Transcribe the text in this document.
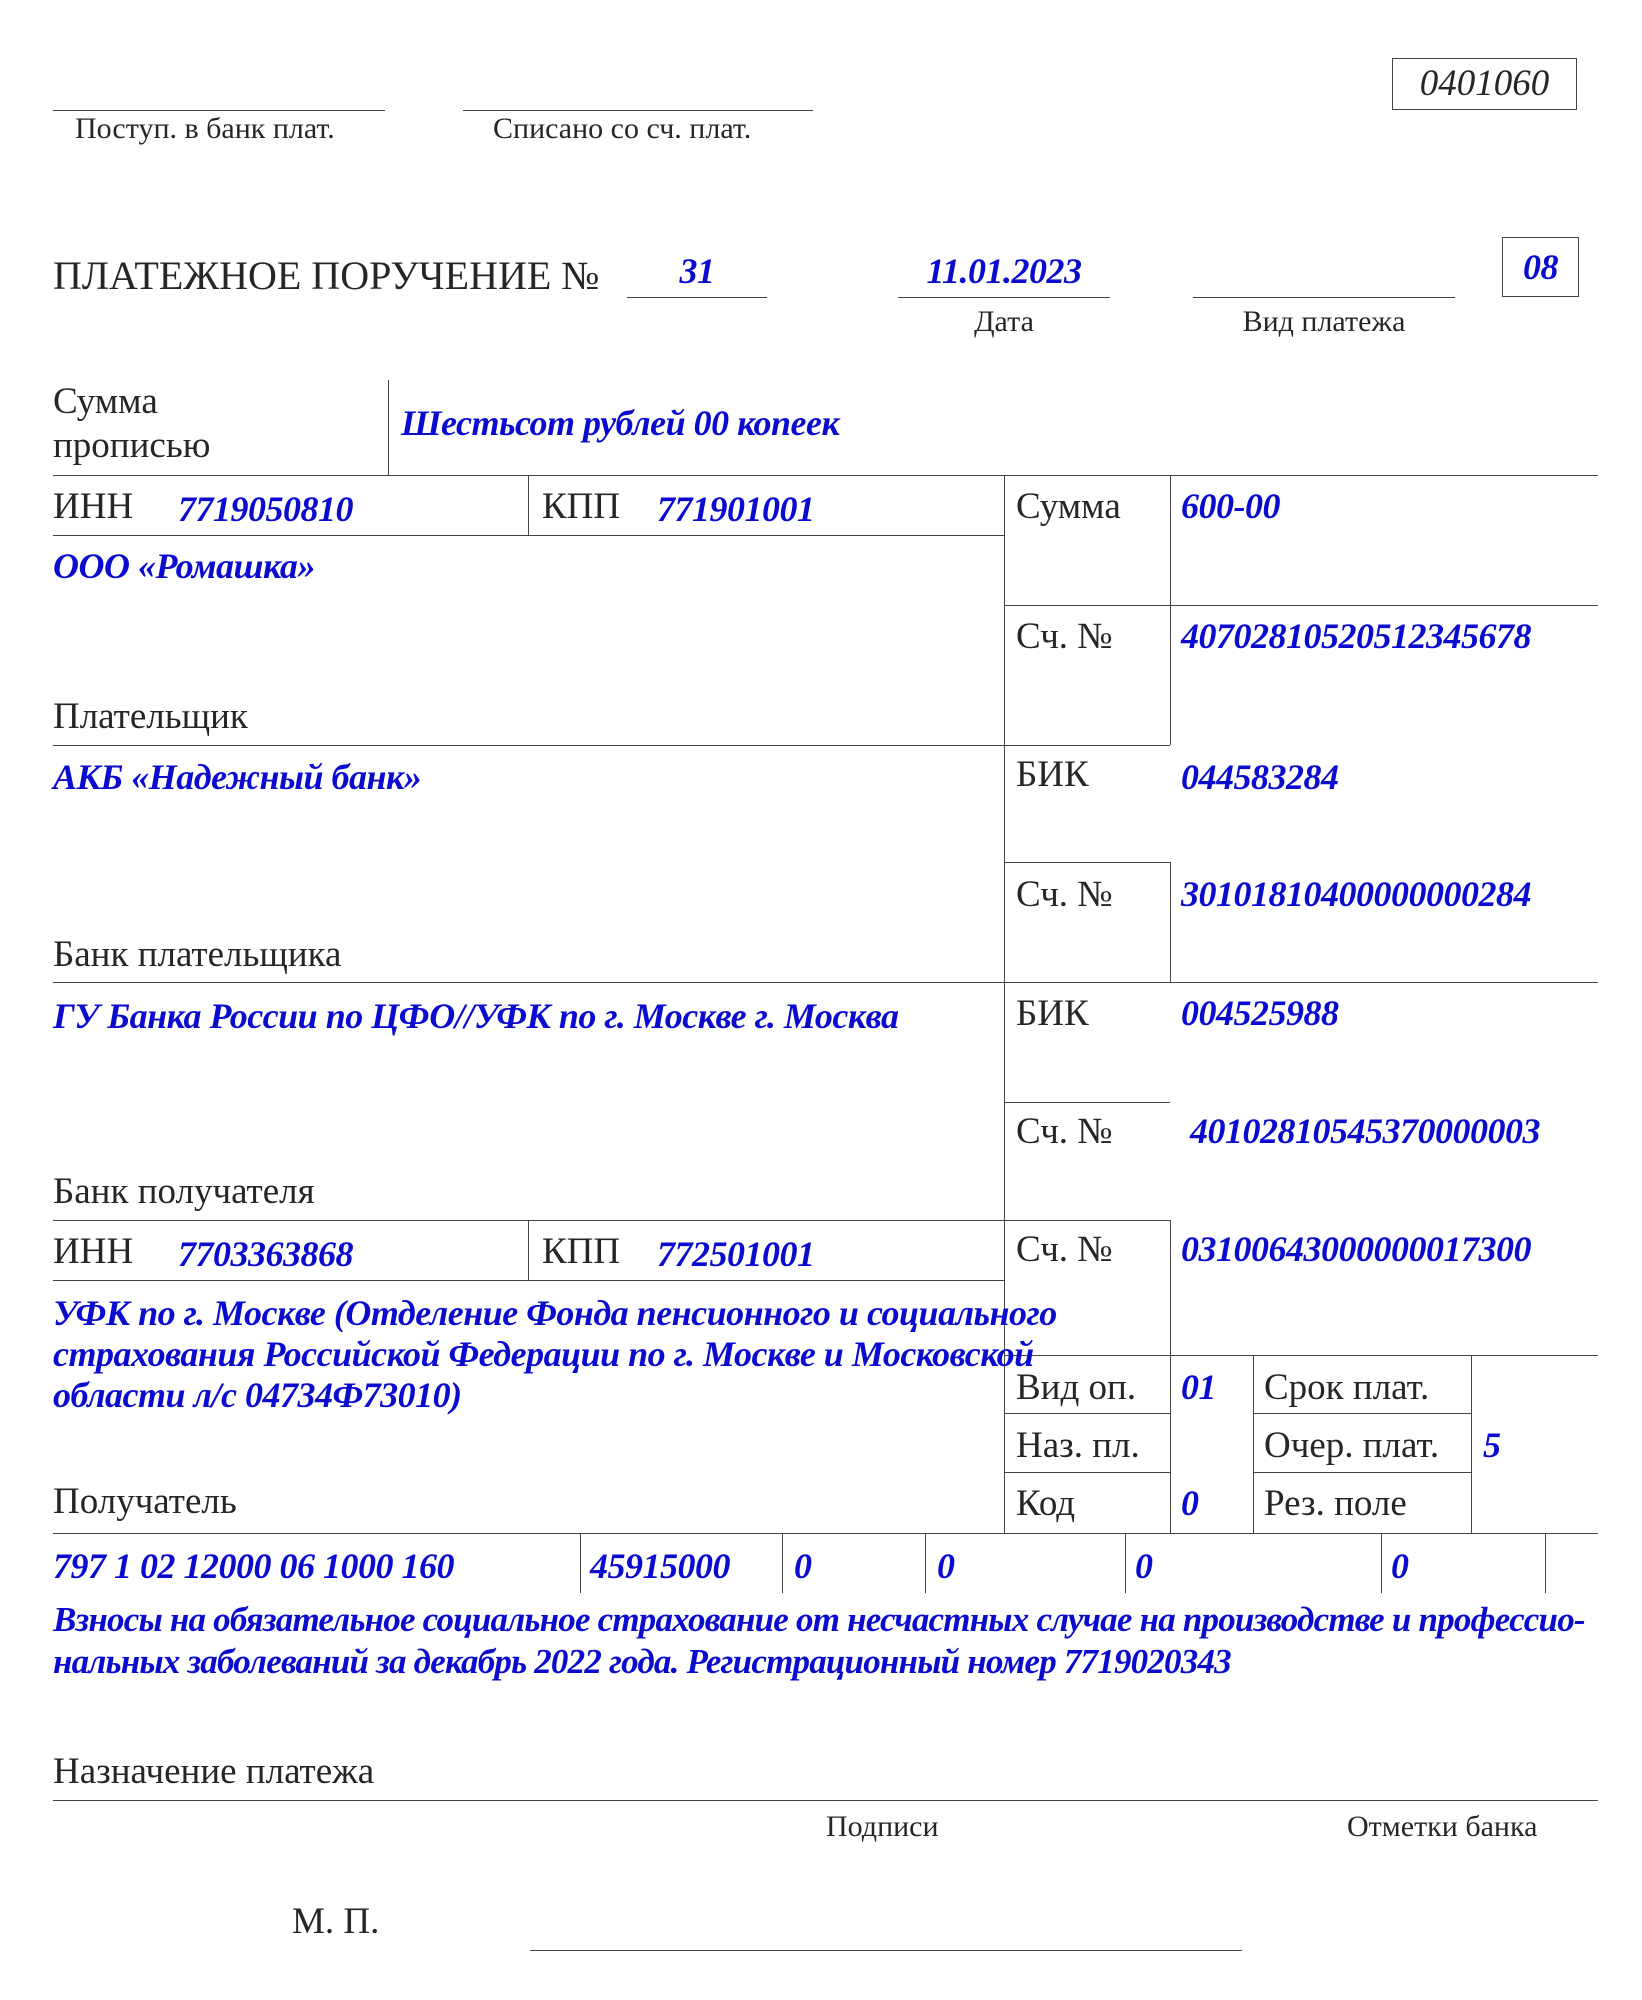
0401060
Поступ. в банк плат.	Списано со сч. плат.
ПЛАТЕЖНОЕ ПОРУЧЕНИЕ №	31	11.01.2023
Дата	Вид платежа
08
Сумма
прописью
Шестьсот рублей 00 копеек
ИНН 7719050810	КПП 771901001
ООО «Ромашка»
Плательщик
Сумма 600-00
Сч. № 40702810520512345678
АКБ «Надежный банк»
Банк плательщика
БИК	044583284
Сч. № 30101810400000000284
ГУ Банка России по ЦФО//УФК по г. Москве г. Москва
Банк получателя
БИК	004525988
Сч. № 40102810545370000003
ИНН 7703363868	КПП 772501001
УФК по г. Москве (Отделение Фонда пенсионного и социального
страхования Российской Федерации по г. Москве и Московской
области л/с 04734Ф73010)
Получатель
Сч. № 03100643000000017300
Вид оп. 01
Наз. пл.
Код	0
Срок плат.
Очер. плат. 5
Рез. поле
797 1 02 12000 06 1000 160	45915000 0	0	0	0
Взносы на обязательное социальное страхование от несчастных случае на производстве и профессио-
нальных заболеваний за декабрь 2022 года. Регистрационный номер 7719020343
Назначение платежа
Подписи	Отметки банка
М. П.
